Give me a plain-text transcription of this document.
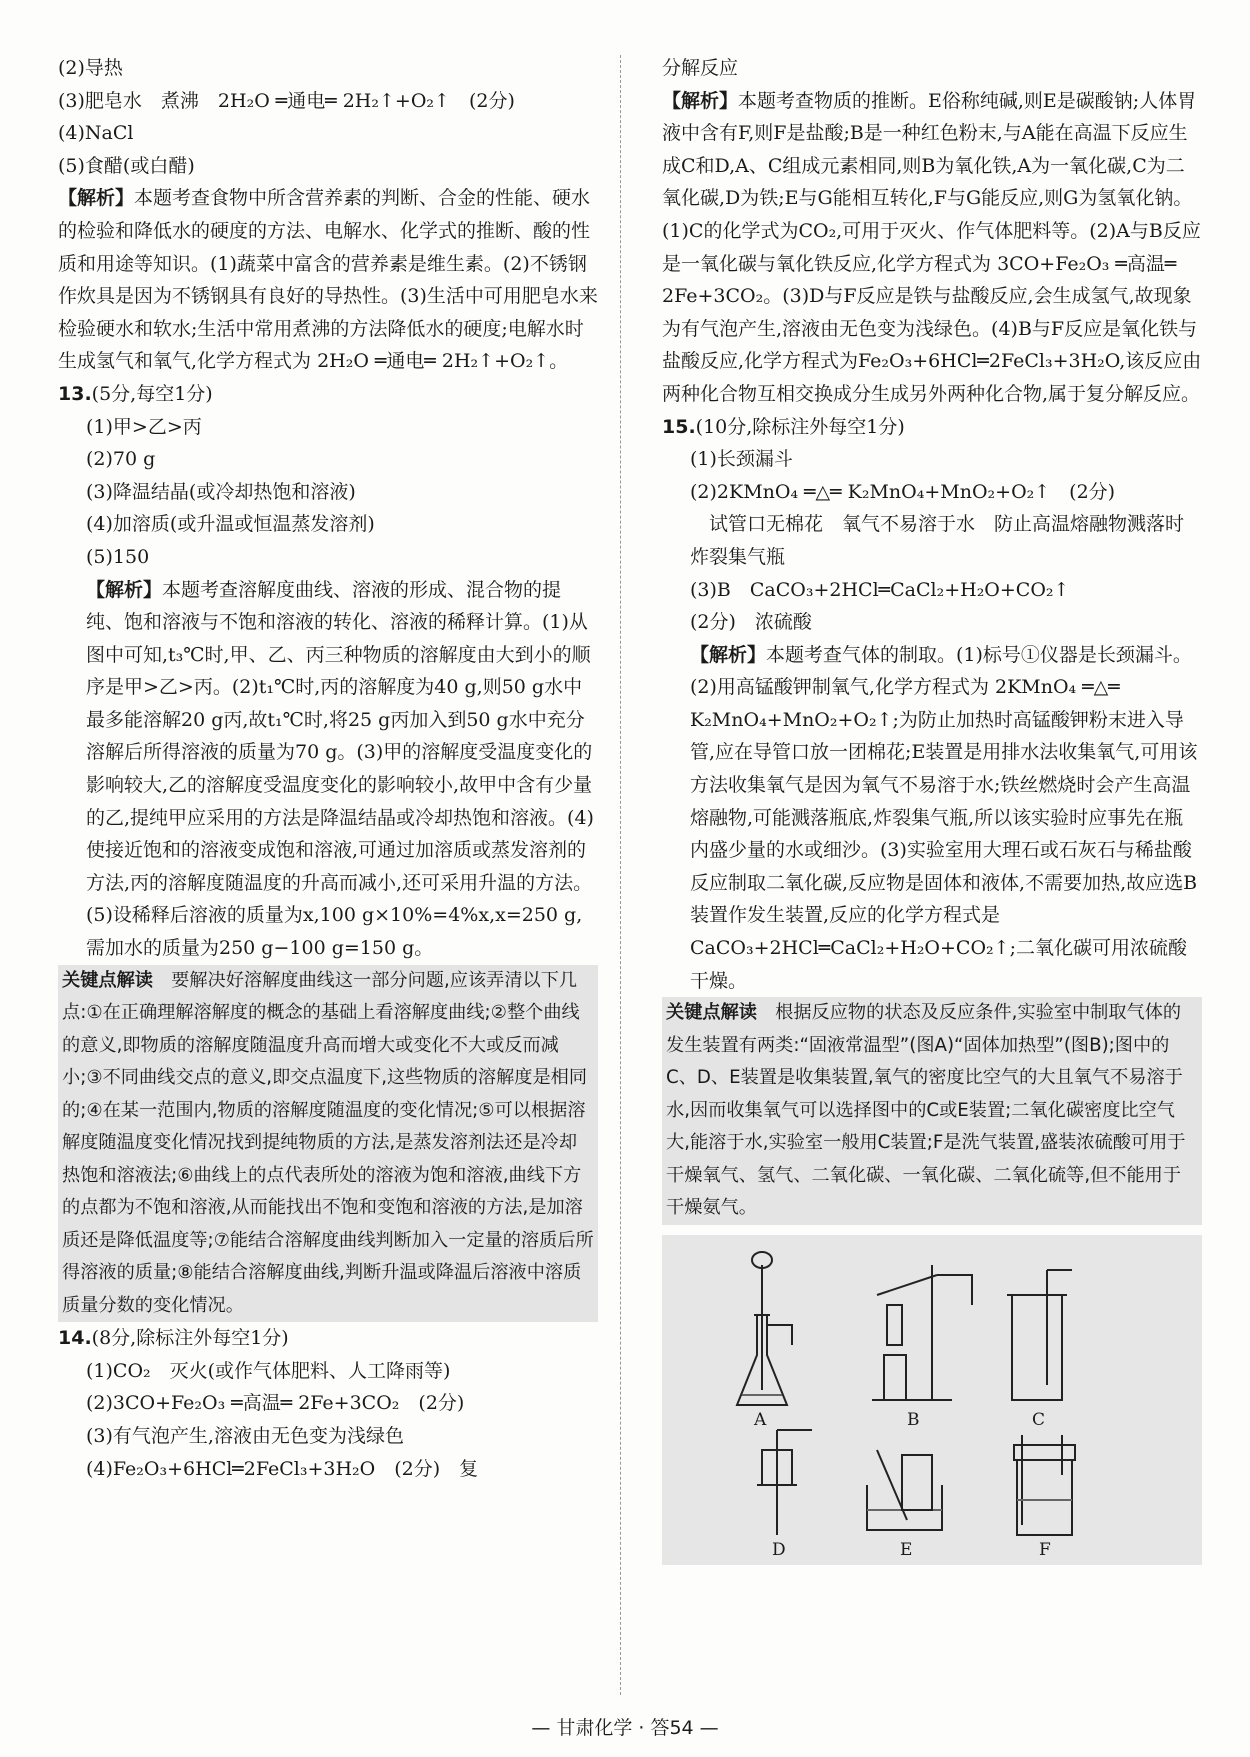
(2)导热

(3)肥皂水　煮沸　2H₂O ═通电═ 2H₂↑+O₂↑　(2分)

(4)NaCl

(5)食醋(或白醋)

【解析】本题考查食物中所含营养素的判断、合金的性能、硬水的检验和降低水的硬度的方法、电解水、化学式的推断、酸的性质和用途等知识。(1)蔬菜中富含的营养素是维生素。(2)不锈钢作炊具是因为不锈钢具有良好的导热性。(3)生活中可用肥皂水来检验硬水和软水;生活中常用煮沸的方法降低水的硬度;电解水时生成氢气和氧气,化学方程式为 2H₂O ═通电═ 2H₂↑+O₂↑。

13.(5分,每空1分)

(1)甲>乙>丙

(2)70 g

(3)降温结晶(或冷却热饱和溶液)

(4)加溶质(或升温或恒温蒸发溶剂)

(5)150

【解析】本题考查溶解度曲线、溶液的形成、混合物的提纯、饱和溶液与不饱和溶液的转化、溶液的稀释计算。(1)从图中可知,t₃℃时,甲、乙、丙三种物质的溶解度由大到小的顺序是甲>乙>丙。(2)t₁℃时,丙的溶解度为40 g,则50 g水中最多能溶解20 g丙,故t₁℃时,将25 g丙加入到50 g水中充分溶解后所得溶液的质量为70 g。(3)甲的溶解度受温度变化的影响较大,乙的溶解度受温度变化的影响较小,故甲中含有少量的乙,提纯甲应采用的方法是降温结晶或冷却热饱和溶液。(4)使接近饱和的溶液变成饱和溶液,可通过加溶质或蒸发溶剂的方法,丙的溶解度随温度的升高而减小,还可采用升温的方法。(5)设稀释后溶液的质量为x,100 g×10%=4%x,x=250 g,需加水的质量为250 g−100 g=150 g。

关键点解读　 要解决好溶解度曲线这一部分问题,应该弄清以下几点:①在正确理解溶解度的概念的基础上看溶解度曲线;②整个曲线的意义,即物质的溶解度随温度升高而增大或变化不大或反而减小;③不同曲线交点的意义,即交点温度下,这些物质的溶解度是相同的;④在某一范围内,物质的溶解度随温度的变化情况;⑤可以根据溶解度随温度变化情况找到提纯物质的方法,是蒸发溶剂法还是冷却热饱和溶液法;⑥曲线上的点代表所处的溶液为饱和溶液,曲线下方的点都为不饱和溶液,从而能找出不饱和变饱和溶液的方法,是加溶质还是降低温度等;⑦能结合溶解度曲线判断加入一定量的溶质后所得溶液的质量;⑧能结合溶解度曲线,判断升温或降温后溶液中溶质质量分数的变化情况。

14.(8分,除标注外每空1分)

(1)CO₂　灭火(或作气体肥料、人工降雨等)

(2)3CO+Fe₂O₃ ═高温═ 2Fe+3CO₂　(2分)

(3)有气泡产生,溶液由无色变为浅绿色

(4)Fe₂O₃+6HCl═2FeCl₃+3H₂O　(2分)　复

分解反应

【解析】本题考查物质的推断。E俗称纯碱,则E是碳酸钠;人体胃液中含有F,则F是盐酸;B是一种红色粉末,与A能在高温下反应生成C和D,A、C组成元素相同,则B为氧化铁,A为一氧化碳,C为二氧化碳,D为铁;E与G能相互转化,F与G能反应,则G为氢氧化钠。(1)C的化学式为CO₂,可用于灭火、作气体肥料等。(2)A与B反应是一氧化碳与氧化铁反应,化学方程式为 3CO+Fe₂O₃ ═高温═ 2Fe+3CO₂。(3)D与F反应是铁与盐酸反应,会生成氢气,故现象为有气泡产生,溶液由无色变为浅绿色。(4)B与F反应是氧化铁与盐酸反应,化学方程式为Fe₂O₃+6HCl═2FeCl₃+3H₂O,该反应由两种化合物互相交换成分生成另外两种化合物,属于复分解反应。

15.(10分,除标注外每空1分)

(1)长颈漏斗

(2)2KMnO₄ ═△═ K₂MnO₄+MnO₂+O₂↑　(2分)

　试管口无棉花　氧气不易溶于水　防止高温熔融物溅落时炸裂集气瓶

(3)B　CaCO₃+2HCl═CaCl₂+H₂O+CO₂↑

(2分)　浓硫酸

【解析】本题考查气体的制取。(1)标号①仪器是长颈漏斗。(2)用高锰酸钾制氧气,化学方程式为 2KMnO₄ ═△═ K₂MnO₄+MnO₂+O₂↑;为防止加热时高锰酸钾粉末进入导管,应在导管口放一团棉花;E装置是用排水法收集氧气,可用该方法收集氧气是因为氧气不易溶于水;铁丝燃烧时会产生高温熔融物,可能溅落瓶底,炸裂集气瓶,所以该实验时应事先在瓶内盛少量的水或细沙。(3)实验室用大理石或石灰石与稀盐酸反应制取二氧化碳,反应物是固体和液体,不需要加热,故应选B装置作发生装置,反应的化学方程式是CaCO₃+2HCl═CaCl₂+H₂O+CO₂↑;二氧化碳可用浓硫酸干燥。

关键点解读　 根据反应物的状态及反应条件,实验室中制取气体的发生装置有两类:“固液常温型”(图A)“固体加热型”(图B);图中的C、D、E装置是收集装置,氧气的密度比空气的大且氧气不易溶于水,因而收集氧气可以选择图中的C或E装置;二氧化碳密度比空气大,能溶于水,实验室一般用C装置;F是洗气装置,盛装浓硫酸可用于干燥氧气、氢气、二氧化碳、一氧化碳、二氧化硫等,但不能用于干燥氨气。
A	B	C
D	E	F
— 甘肃化学 · 答54 —
